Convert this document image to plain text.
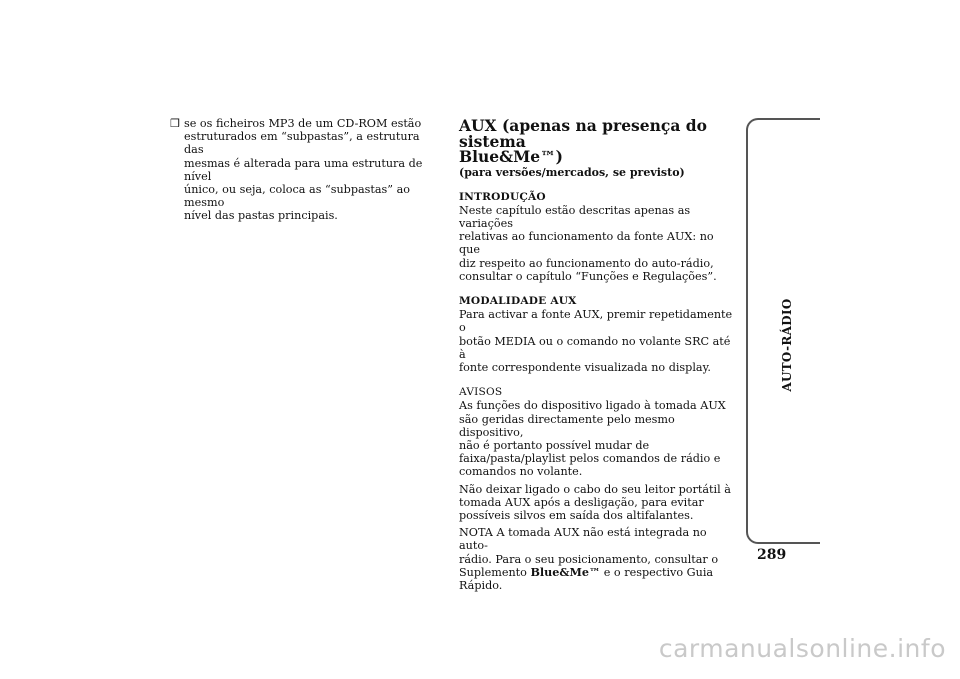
❒ se os ficheiros MP3 de um CD-ROM estão
estruturados em “subpastas”, a estrutura das
mesmas é alterada para uma estrutura de nível
único, ou seja, coloca as “subpastas” ao mesmo
nível das pastas principais.
AUX (apenas na presença do sistema
Blue&Me™)
(para versões/mercados, se previsto)
INTRODUÇÃO
Neste capítulo estão descritas apenas as variações
relativas ao funcionamento da fonte AUX: no que
diz respeito ao funcionamento do auto-rádio,
consultar o capítulo “Funções e Regulações”.
MODALIDADE AUX
Para activar a fonte AUX, premir repetidamente o
botão MEDIA ou o comando no volante SRC até à
fonte correspondente visualizada no display.
AVISOS
As funções do dispositivo ligado à tomada AUX
são geridas directamente pelo mesmo dispositivo,
não é portanto possível mudar de
faixa/pasta/playlist pelos comandos de rádio e
comandos no volante.
Não deixar ligado o cabo do seu leitor portátil à
tomada AUX após a desligação, para evitar
possíveis silvos em saída dos altifalantes.
NOTA A tomada AUX não está integrada no auto-
rádio. Para o seu posicionamento, consultar o
Suplemento Blue&Me™ e o respectivo Guia
Rápido.
AUTO-RÁDIO
289
carmanualsonline.info
